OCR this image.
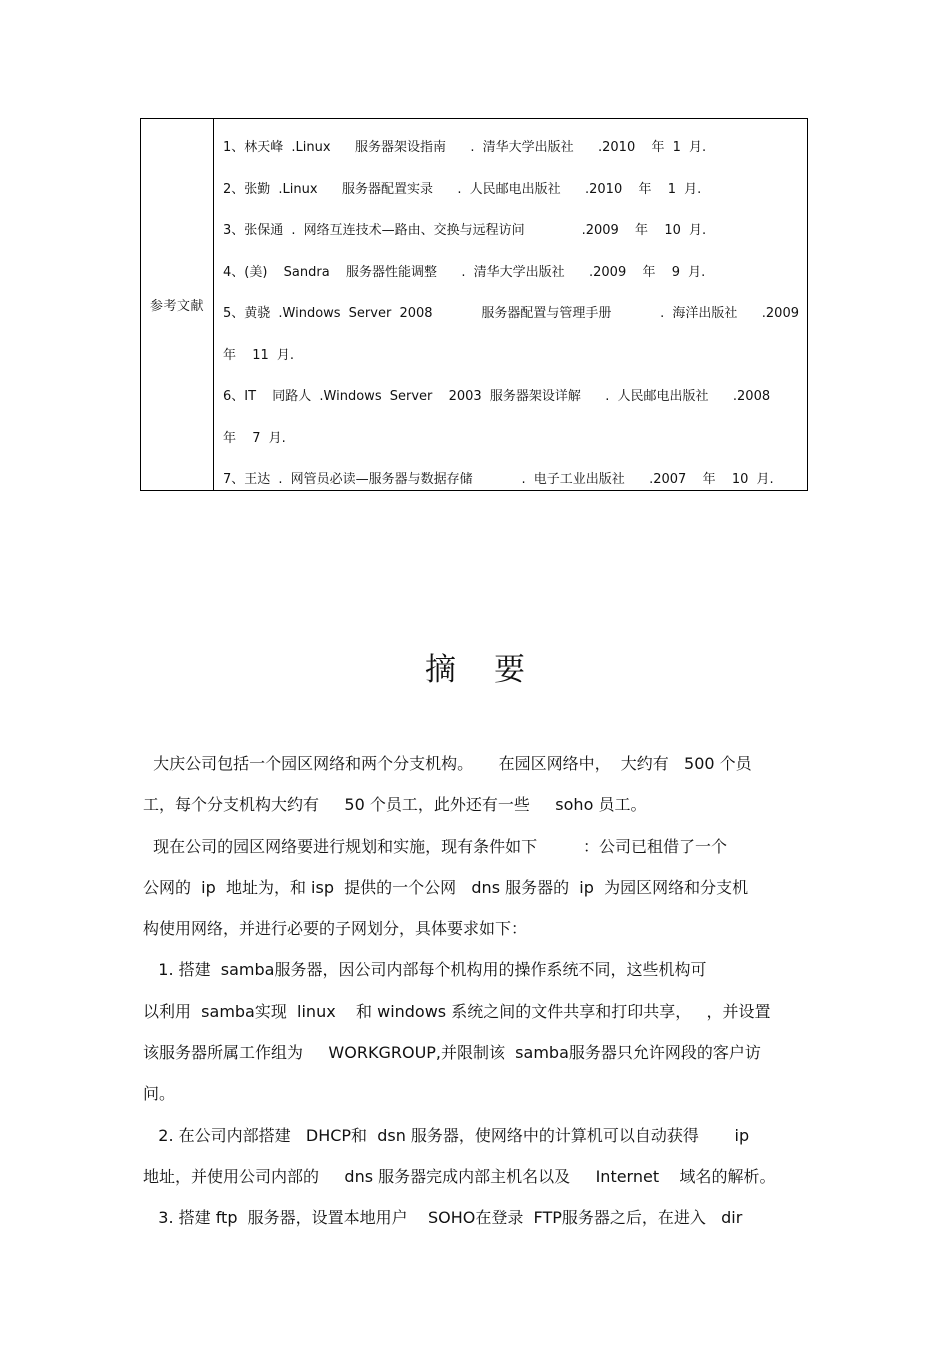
参考文献
1、林天峰 .Linux   服务器架设指南   . 清华大学出版社   .2010  年 1 月.
2、张勤 .Linux   服务器配置实录   . 人民邮电出版社   .2010  年  1 月.
3、张保通 . 网络互连技术—路由、交换与远程访问       .2009  年  10 月.
4、(美)  Sandra  服务器性能调整   . 清华大学出版社   .2009  年  9 月.
5、黄骁 .Windows Server 2008      服务器配置与管理手册      . 海洋出版社   .2009
年  11 月.
6、IT  同路人 .Windows Server  2003 服务器架设详解   . 人民邮电出版社   .2008
年  7 月.
7、王达 . 网管员必读—服务器与数据存储      . 电子工业出版社   .2007  年  10 月.
摘要
大庆公司包括一个园区网络和两个分支机构。     在园区网络中，  大约有   500 个员
工，每个分支机构大约有     50 个员工，此外还有一些     soho 员工。
现在公司的园区网络要进行规划和实施，现有条件如下         ：公司已租借了一个
公网的  ip  地址为，和 isp  提供的一个公网   dns 服务器的  ip  为园区网络和分支机
构使用网络，并进行必要的子网划分，具体要求如下：
1. 搭建  samba服务器，因公司内部每个机构用的操作系统不同，这些机构可
以利用  samba实现  linux    和 windows 系统之间的文件共享和打印共享，   ，并设置
该服务器所属工作组为     WORKGROUP,并限制该  samba服务器只允许网段的客户访
问。
2. 在公司内部搭建   DHCP和  dsn 服务器，使网络中的计算机可以自动获得       ip
地址，并使用公司内部的     dns 服务器完成内部主机名以及     Internet    域名的解析。
3. 搭建 ftp  服务器，设置本地用户    SOHO在登录  FTP服务器之后，在进入   dir
